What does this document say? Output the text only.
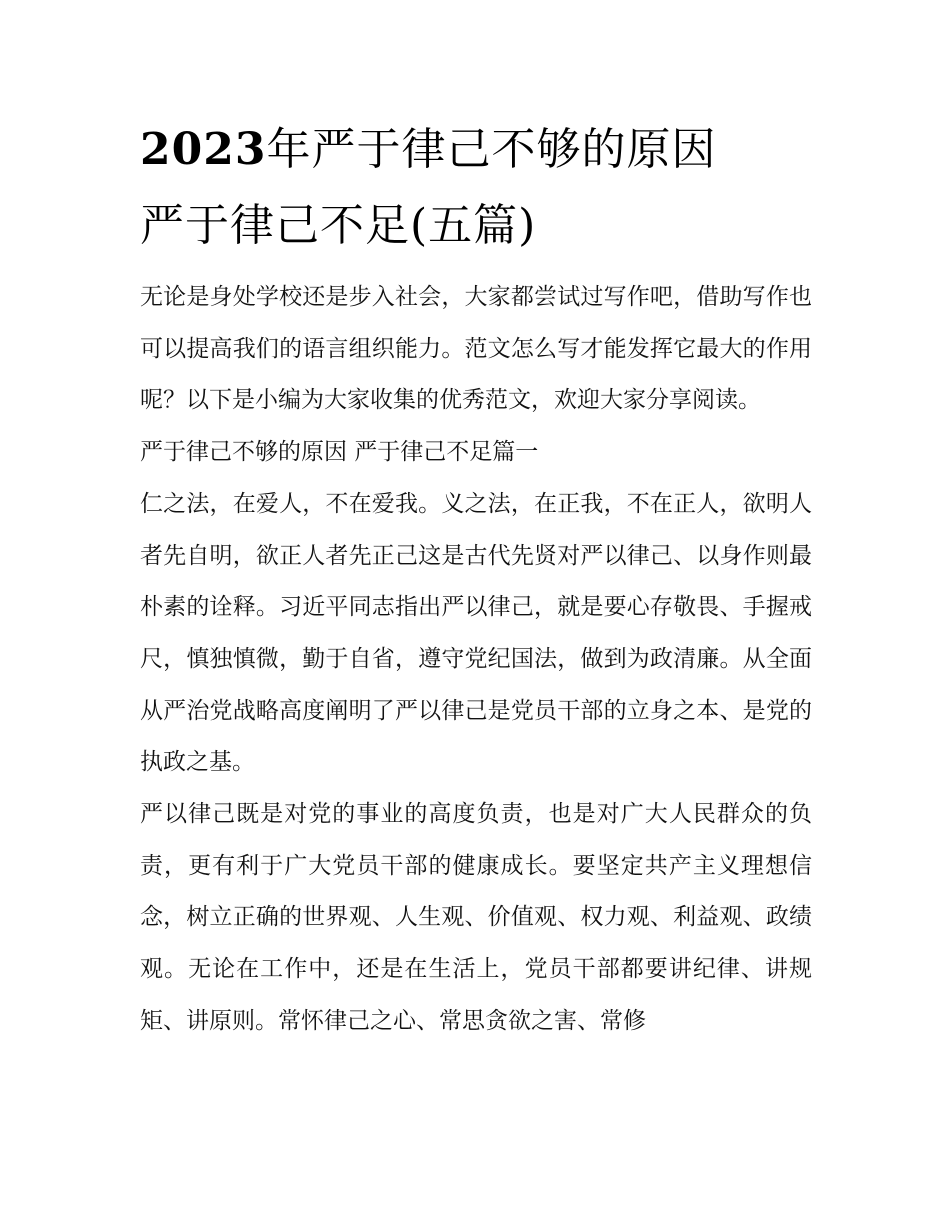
2023年严于律己不够的原因
严于律己不足(五篇)

无论是身处学校还是步入社会，大家都尝试过写作吧，借助写作也可以提高我们的语言组织能力。范文怎么写才能发挥它最大的作用呢？以下是小编为大家收集的优秀范文，欢迎大家分享阅读。

严于律己不够的原因 严于律己不足篇一

仁之法，在爱人，不在爱我。义之法，在正我，不在正人，欲明人者先自明，欲正人者先正己这是古代先贤对严以律己、以身作则最朴素的诠释。习近平同志指出严以律己，就是要心存敬畏、手握戒尺，慎独慎微，勤于自省，遵守党纪国法，做到为政清廉。从全面从严治党战略高度阐明了严以律己是党员干部的立身之本、是党的执政之基。

严以律己既是对党的事业的高度负责，也是对广大人民群众的负责，更有利于广大党员干部的健康成长。要坚定共产主义理想信念，树立正确的世界观、人生观、价值观、权力观、利益观、政绩观。无论在工作中，还是在生活上，党员干部都要讲纪律、讲规矩、讲原则。常怀律己之心、常思贪欲之害、常修
